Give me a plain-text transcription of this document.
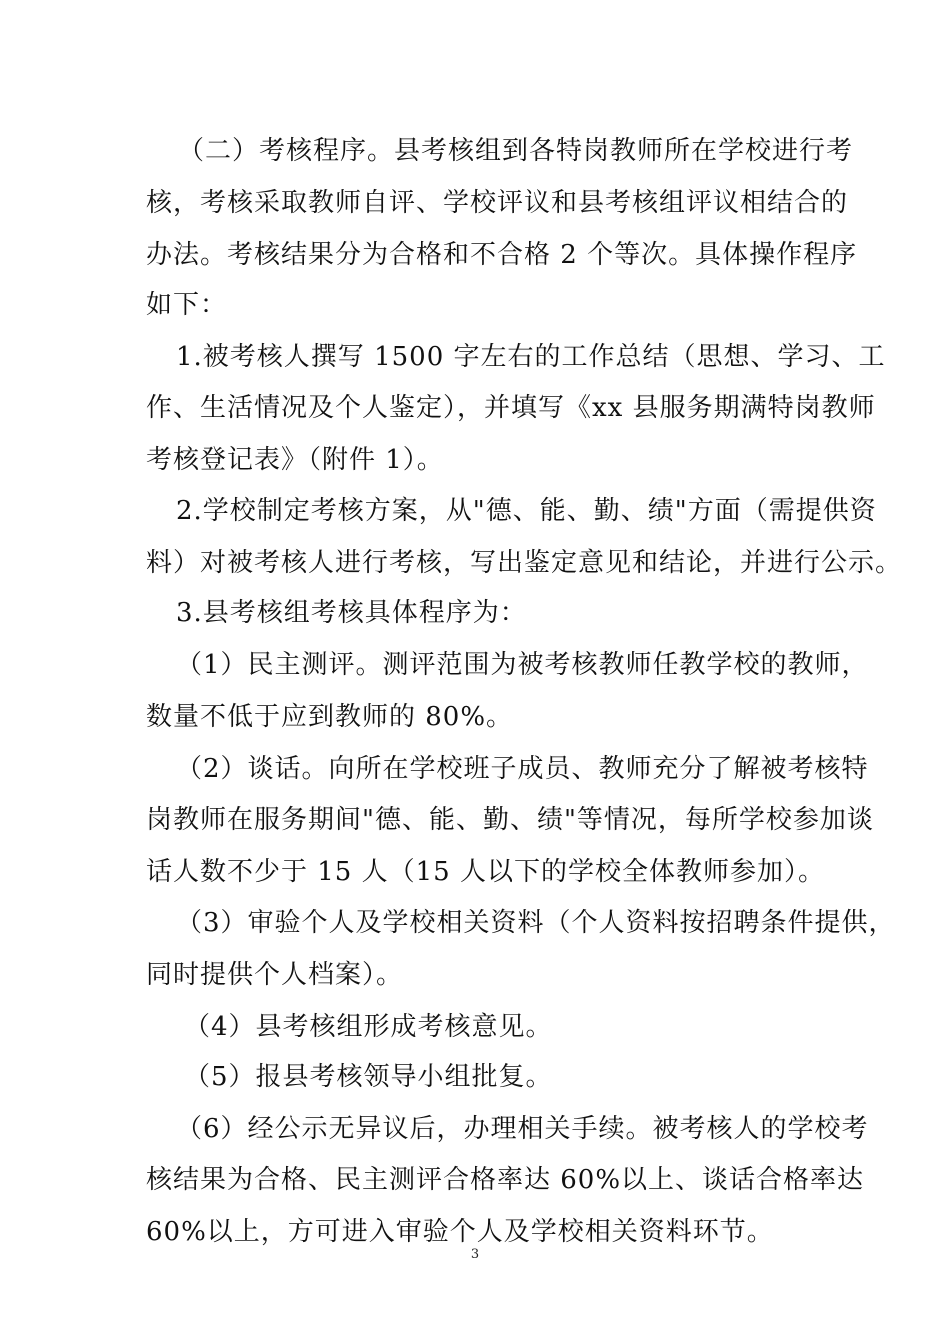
（二）考核程序。县考核组到各特岗教师所在学校进行考
核，考核采取教师自评、学校评议和县考核组评议相结合的
办法。考核结果分为合格和不合格 2 个等次。具体操作程序
如下：
1.被考核人撰写 1500 字左右的工作总结（思想、学习、工
作、生活情况及个人鉴定），并填写《xx 县服务期满特岗教师
考核登记表》（附件 1）。
2.学校制定考核方案，从"德、能、勤、绩"方面（需提供资
料）对被考核人进行考核，写出鉴定意见和结论，并进行公示。
3.县考核组考核具体程序为：
（1）民主测评。测评范围为被考核教师任教学校的教师，
数量不低于应到教师的 80%。
（2）谈话。向所在学校班子成员、教师充分了解被考核特
岗教师在服务期间"德、能、勤、绩"等情况，每所学校参加谈
话人数不少于 15 人（15 人以下的学校全体教师参加）。
（3）审验个人及学校相关资料（个人资料按招聘条件提供，
同时提供个人档案）。
（4）县考核组形成考核意见。
（5）报县考核领导小组批复。
（6）经公示无异议后，办理相关手续。被考核人的学校考
核结果为合格、民主测评合格率达 60%以上、谈话合格率达
60%以上，方可进入审验个人及学校相关资料环节。
3
